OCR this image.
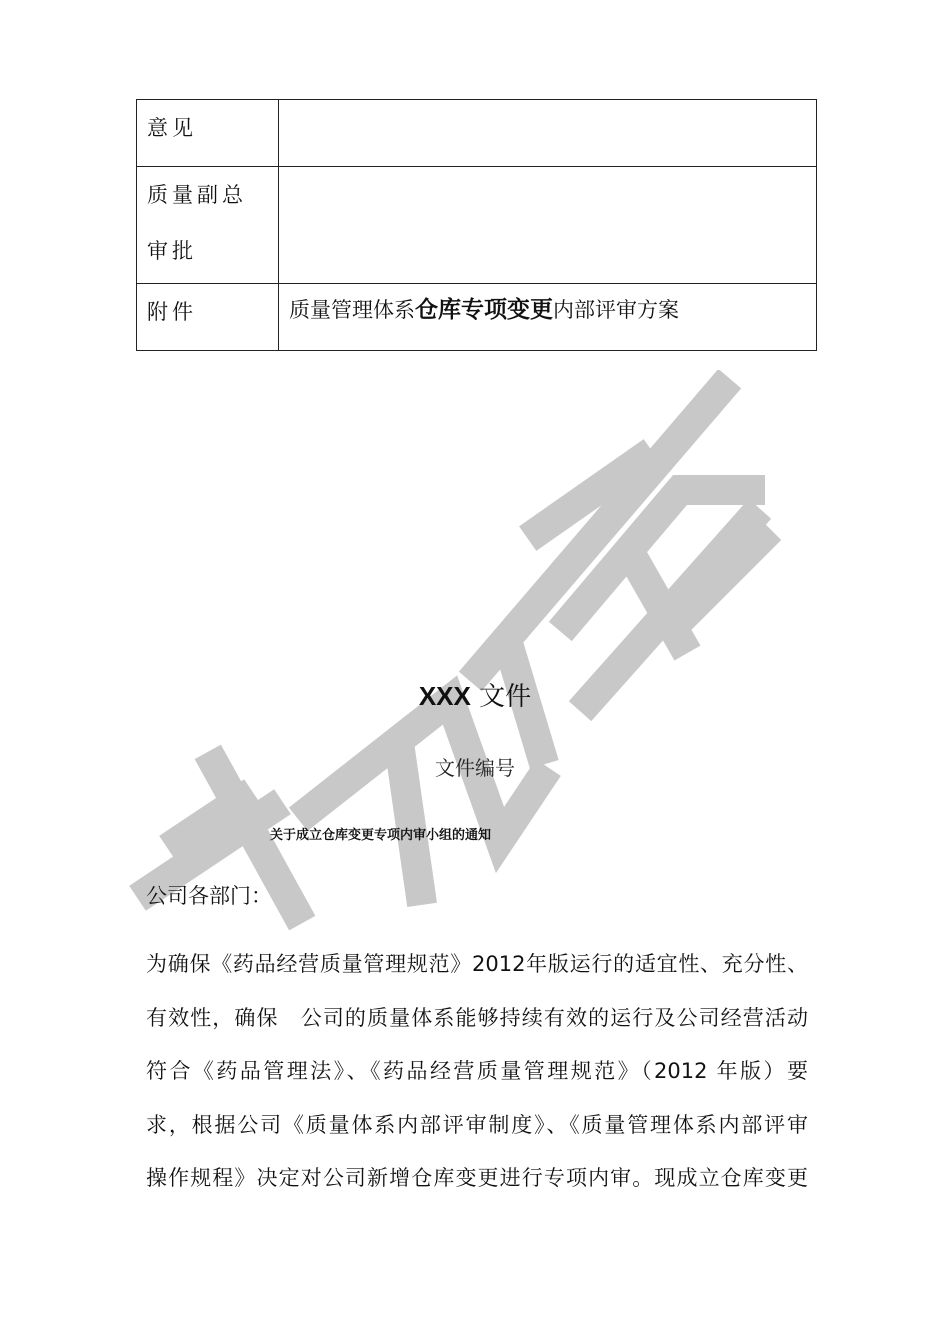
意见	
质量副总审批	
附件	质量管理体系仓库专项变更内部评审方案
XXX 文件
文件编号
关于成立仓库变更专项内审小组的通知
公司各部门：
为确保《药品经营质量管理规范》2012年版运行的适宜性、充分性、
有效性，确保　公司的质量体系能够持续有效的运行及公司经营活动
符合《药品管理法》、《药品经营质量管理规范》（2012 年版）要
求，根据公司《质量体系内部评审制度》、《质量管理体系内部评审
操作规程》决定对公司新增仓库变更进行专项内审。现成立仓库变更
